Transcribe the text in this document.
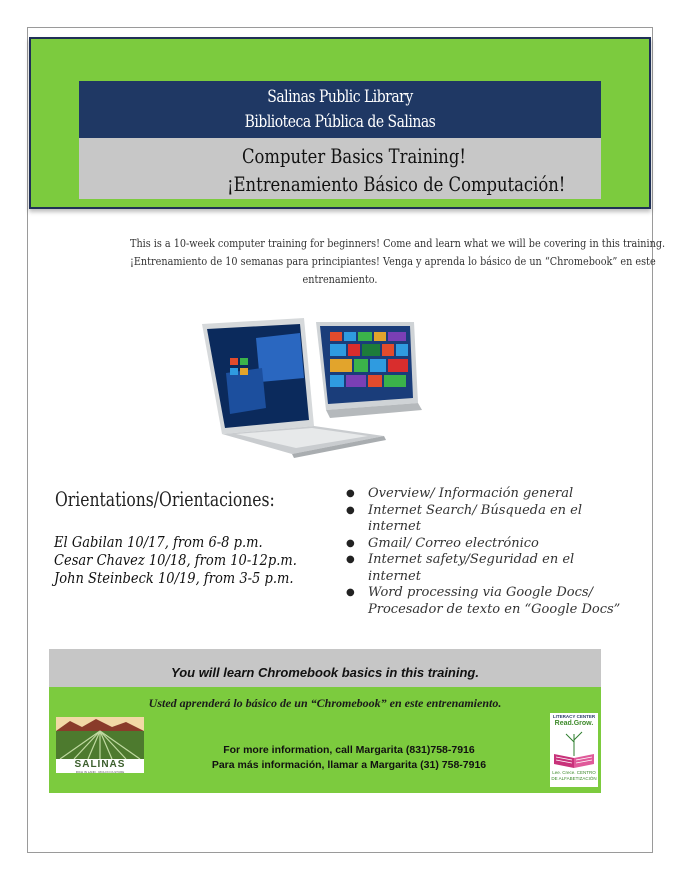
Salinas Public Library
Biblioteca Pública de Salinas
Computer Basics Training!
¡Entrenamiento Básico de Computación!

This is a 10-week computer training for beginners! Come and learn what we will be covering in this training.

¡Entrenamiento de 10 semanas para principiantes! Venga y aprenda lo básico de un “Chromebook” en este

entrenamiento.

Orientations/Orientaciones:
El Gabilan 10/17, from 6-8 p.m.
Cesar Chavez 10/18, from 10-12p.m.
John Steinbeck 10/19, from 3-5 p.m.
● Overview/ Información general
● Internet Search/ Búsqueda en el
internet
● Gmail/ Correo electrónico
● Internet safety/Seguridad en el
internet
● Word processing via Google Docs/
Procesador de texto en “Google Docs”
You will learn Chromebook basics in this training.
Usted aprenderá lo básico de un “Chromebook” en este entrenamiento.
SALINAS
RICH IN LAND · RICH IN CULTURE
For more information, call Margarita (831)758-7916
Para más información, llamar a Margarita (31) 758-7916
LITERACY CENTER
Read.Grow.
Lee. Crece. CENTRO DE ALFABETIZACIÓN
